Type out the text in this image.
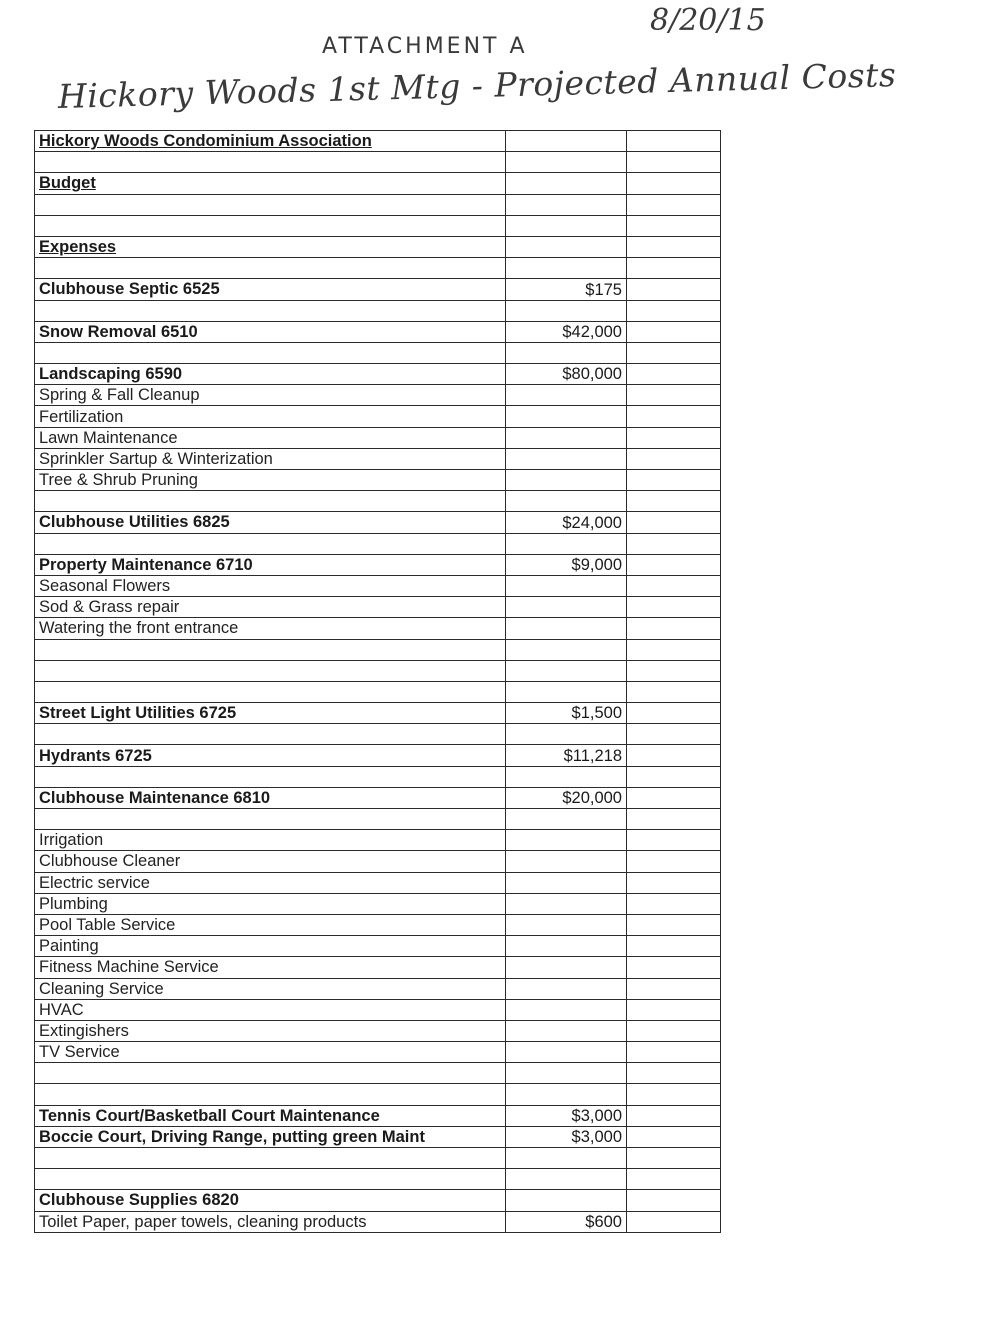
8/20/15
ATTACHMENT A
Hickory Woods 1st Mtg - Projected Annual Costs
Hickory Woods Condominium Association		

Budget		

Expenses		

Clubhouse Septic 6525	$175	

Snow Removal 6510	$42,000	

Landscaping 6590	$80,000	
Spring & Fall Cleanup		
Fertilization		
Lawn Maintenance		
Sprinkler Sartup & Winterization		
Tree & Shrub Pruning		

Clubhouse Utilities 6825	$24,000	

Property Maintenance 6710	$9,000	
Seasonal Flowers		
Sod & Grass repair		
Watering the front entrance		

Street Light Utilities 6725	$1,500	

Hydrants 6725	$11,218	

Clubhouse Maintenance 6810	$20,000	

Irrigation		
Clubhouse Cleaner		
Electric service		
Plumbing		
Pool Table Service		
Painting		
Fitness Machine Service		
Cleaning Service		
HVAC		
Extingishers		
TV Service		

Tennis Court/Basketball Court Maintenance	$3,000	
Boccie Court, Driving Range, putting green Maint	$3,000	

Clubhouse Supplies 6820		
Toilet Paper, paper towels, cleaning products	$600	
